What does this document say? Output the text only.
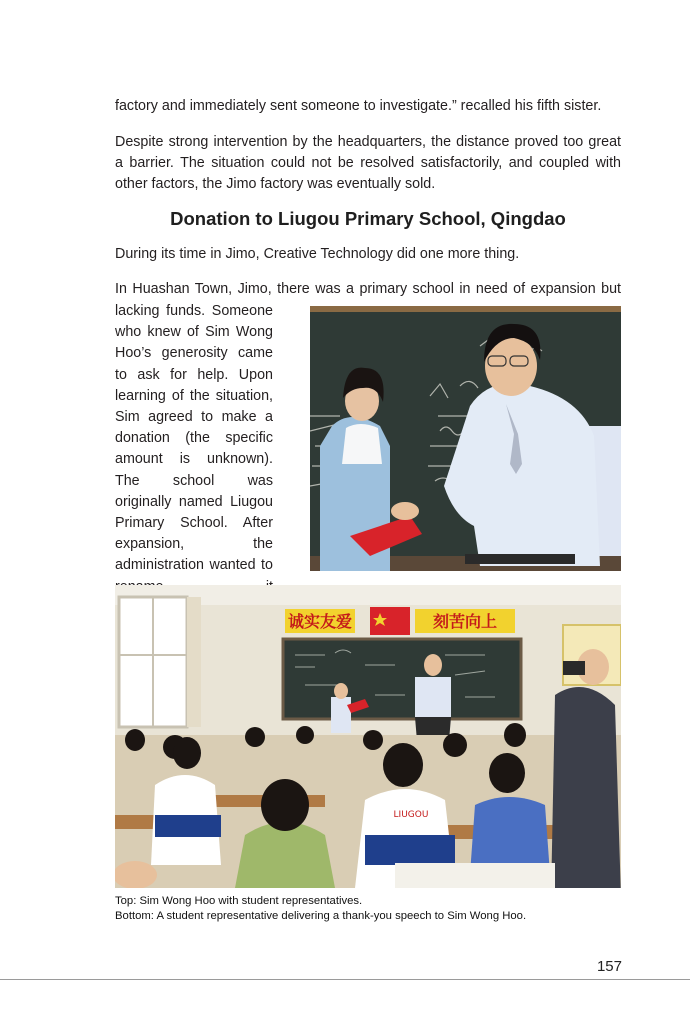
factory and immediately sent someone to investigate.” recalled his fifth sister.

Despite strong intervention by the headquarters, the distance proved too great a barrier. The situation could not be resolved satisfactorily, and coupled with other factors, the Jimo factory was eventually sold.

Donation to Liugou Primary School, Qingdao

During its time in Jimo, Creative Technology did one more thing.

In Huashan Town, Jimo, there was a primary school in need of expansion but

lacking funds. Someone who knew of Sim Wong Hoo’s generosity came to ask for help. Upon learning of the situation, Sim agreed to make a donation (the specific amount is unknown). The school was originally named Liugou Primary School. After expansion, the administration wanted to

诚实友爱	刻苦向上
LIUGOU
Top: Sim Wong Hoo with student representatives.
Bottom: A student representative delivering a thank-you speech to Sim Wong Hoo.
157
